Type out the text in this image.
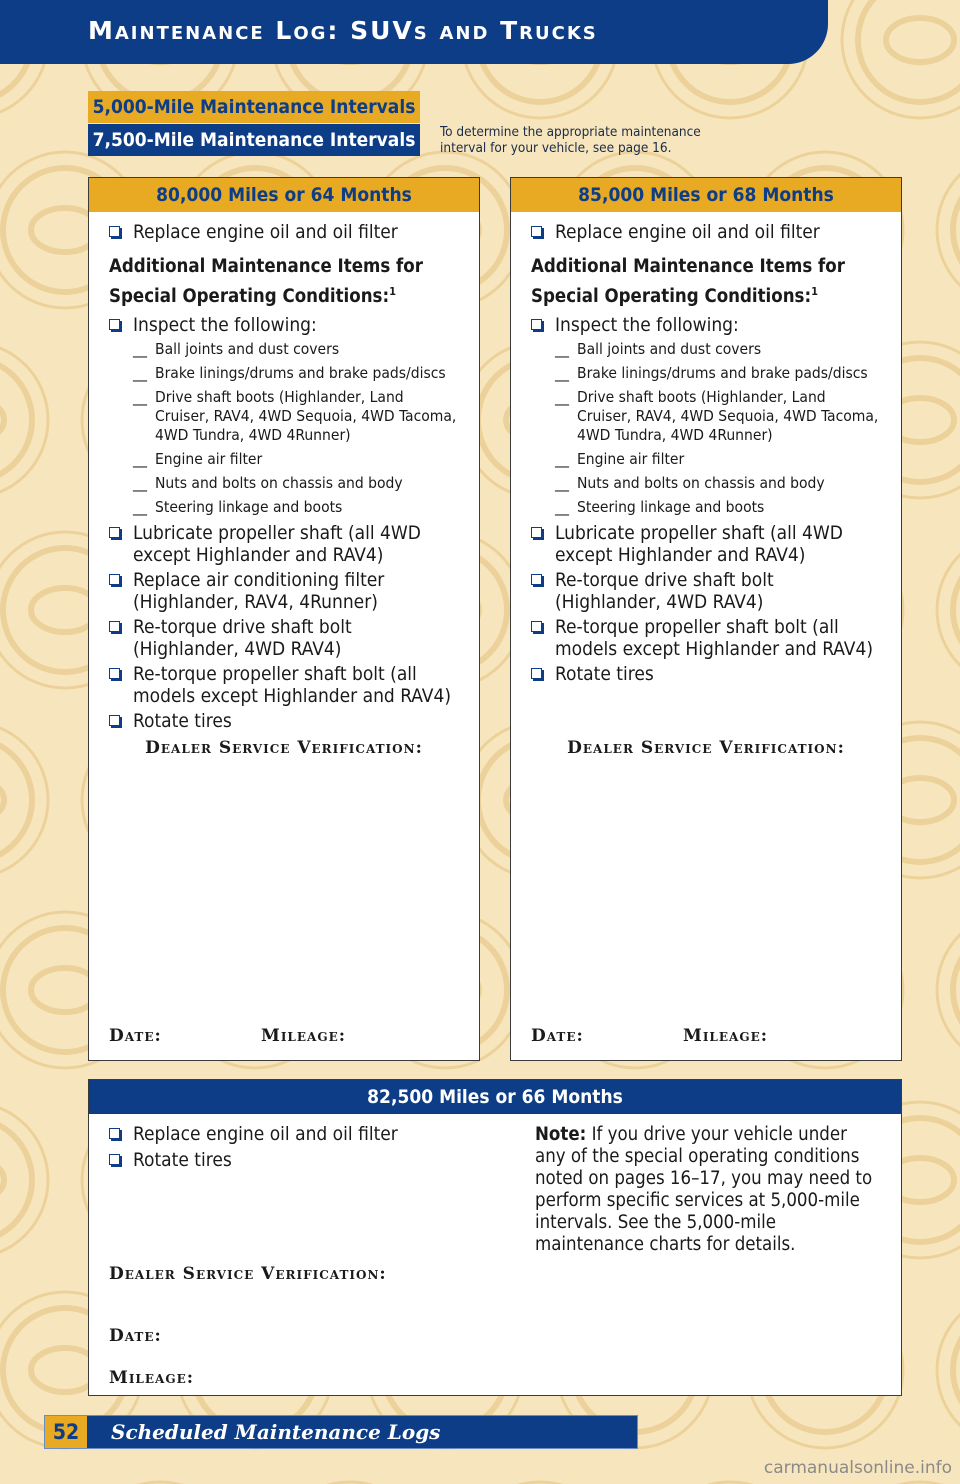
Maintenance Log: SUVs and Trucks
5,000-Mile Maintenance Intervals
7,500-Mile Maintenance Intervals	To determine the appropriate maintenance interval for your vehicle, see page 16.
80,000 Miles or 64 Months
Replace engine oil and oil filter
Additional Maintenance Items for Special Operating Conditions:$^1$
Inspect the following:
__ Ball joints and dust covers
__ Brake linings/drums and brake pads/discs
__ Drive shaft boots (Highlander, Land Cruiser, RAV4, 4WD Sequoia, 4WD Tacoma, 4WD Tundra, 4WD 4Runner)
__ Engine air filter
__ Nuts and bolts on chassis and body
__ Steering linkage and boots
Lubricate propeller shaft (all 4WD except Highlander and RAV4)
Replace air conditioning filter (Highlander, RAV4, 4Runner)
Re-torque drive shaft bolt (Highlander, 4WD RAV4)
Re-torque propeller shaft bolt (all models except Highlander and RAV4)
Rotate tires
Dealer Service Verification:
Date:	Mileage:
85,000 Miles or 68 Months
Replace engine oil and oil filter
Additional Maintenance Items for Special Operating Conditions:$^1$
Inspect the following:
__ Ball joints and dust covers
__ Brake linings/drums and brake pads/discs
__ Drive shaft boots (Highlander, Land Cruiser, RAV4, 4WD Sequoia, 4WD Tacoma, 4WD Tundra, 4WD 4Runner)
__ Engine air filter
__ Nuts and bolts on chassis and body
__ Steering linkage and boots
Lubricate propeller shaft (all 4WD except Highlander and RAV4)
Re-torque drive shaft bolt (Highlander, 4WD RAV4)
Re-torque propeller shaft bolt (all models except Highlander and RAV4)
Rotate tires
Dealer Service Verification:
Date:	Mileage:
82,500 Miles or 66 Months
Replace engine oil and oil filter
Rotate tires
Note: If you drive your vehicle under any of the special operating conditions noted on pages 16–17, you may need to perform specific services at 5,000-mile intervals. See the 5,000-mile maintenance charts for details.
Dealer Service Verification:
Date:
Mileage:
52	Scheduled Maintenance Logs
carmanualsonline.info
